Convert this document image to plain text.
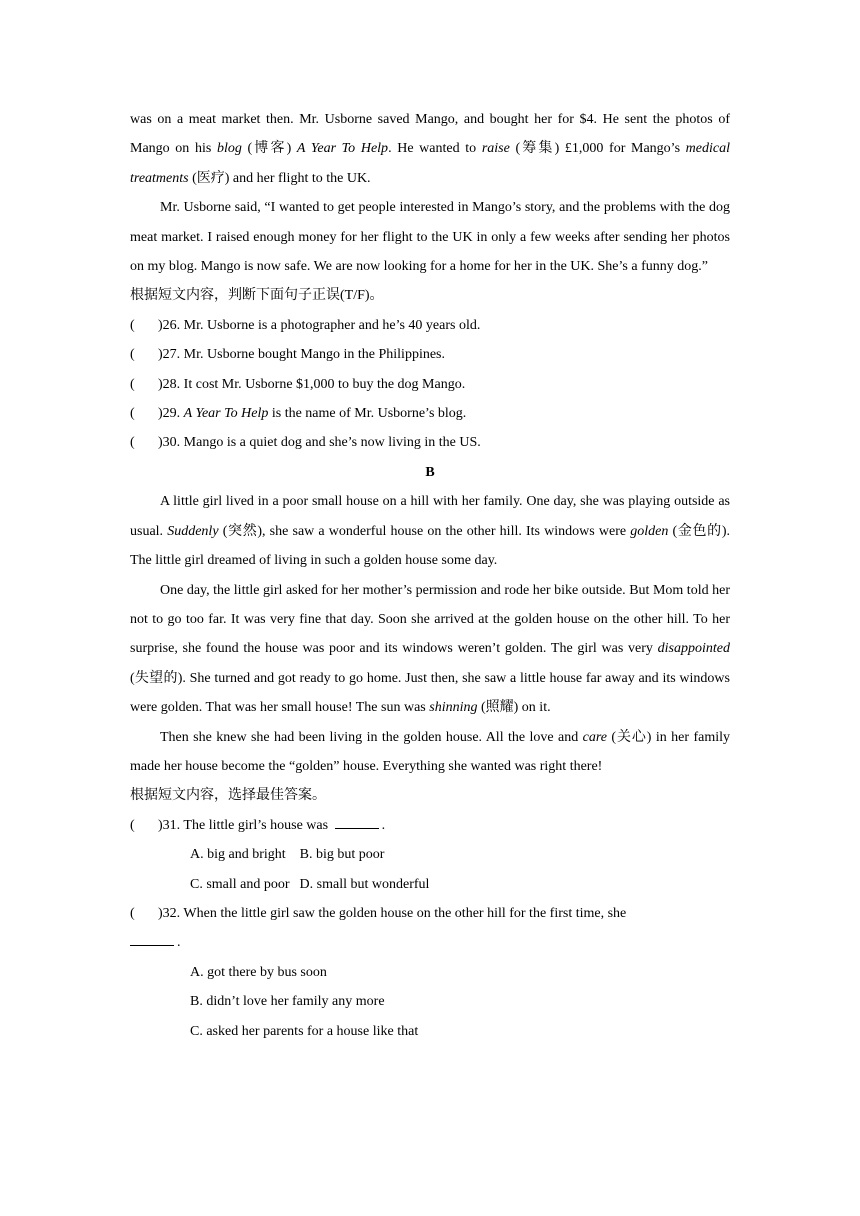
was on a meat market then. Mr. Usborne saved Mango, and bought her for $4. He sent the photos of Mango on his blog (博客) A Year To Help. He wanted to raise (筹集) £1,000 for Mango’s medical treatments (医疗) and her flight to the UK.
Mr. Usborne said, “I wanted to get people interested in Mango’s story, and the problems with the dog meat market. I raised enough money for her flight to the UK in only a few weeks after sending her photos on my blog. Mango is now safe. We are now looking for a home for her in the UK. She’s a funny dog.”
根据短文内容，判断下面句子正误(T/F)。
( )26. Mr. Usborne is a photographer and he’s 40 years old.
( )27. Mr. Usborne bought Mango in the Philippines.
( )28. It cost Mr. Usborne $1,000 to buy the dog Mango.
( )29. A Year To Help is the name of Mr. Usborne’s blog.
( )30. Mango is a quiet dog and she’s now living in the US.
B
A little girl lived in a poor small house on a hill with her family. One day, she was playing outside as usual. Suddenly (突然), she saw a wonderful house on the other hill. Its windows were golden (金色的). The little girl dreamed of living in such a golden house some day.
One day, the little girl asked for her mother’s permission and rode her bike outside. But Mom told her not to go too far. It was very fine that day. Soon she arrived at the golden house on the other hill. To her surprise, she found the house was poor and its windows weren’t golden. The girl was very disappointed (失望的). She turned and got ready to go home. Just then, she saw a little house far away and its windows were golden. That was her small house! The sun was shinning (照耀) on it.
Then she knew she had been living in the golden house. All the love and care (关心) in her family made her house become the “golden” house. Everything she wanted was right there!
根据短文内容，选择最佳答案。
( )31. The little girl’s house was	.
A. big and bright B. big but poor
C. small and poor D. small but wonderful
( )32. When the little girl saw the golden house on the other hill for the first time, she
.
A. got there by bus soon
B. didn’t love her family any more
C. asked her parents for a house like that
